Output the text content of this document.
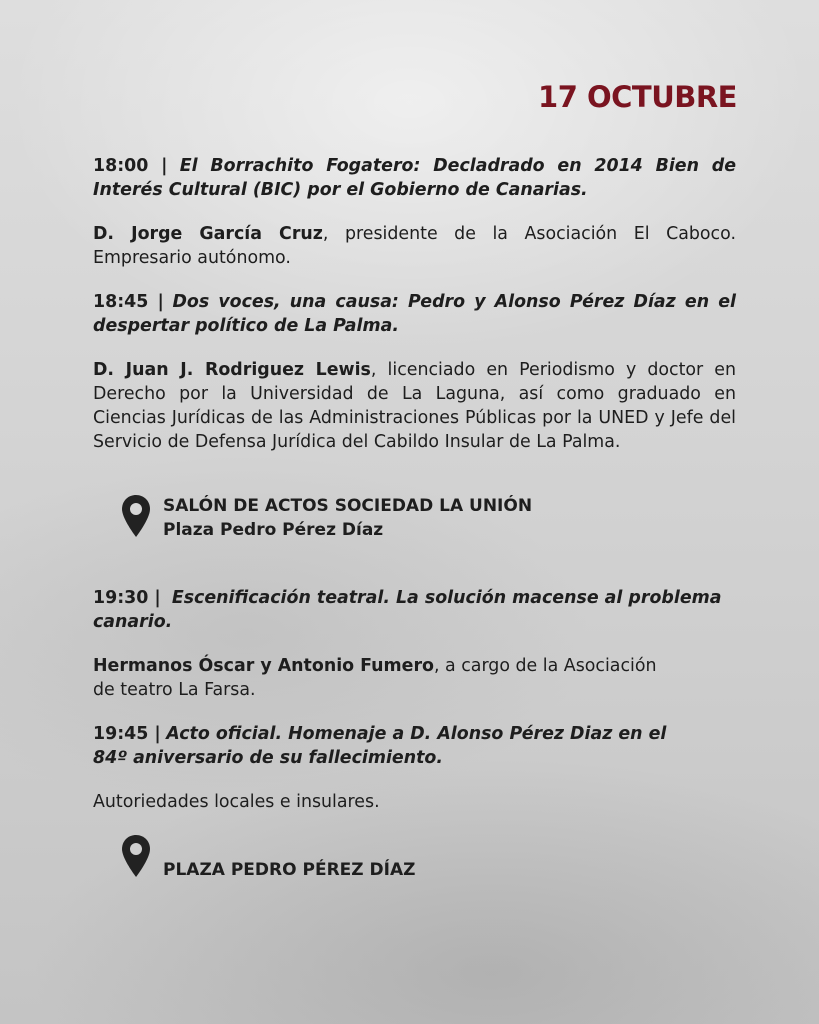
17 OCTUBRE

18:00 | El Borrachito Fogatero: Decladrado en 2014 Bien de Interés Cultural (BIC) por el Gobierno de Canarias.

D. Jorge García Cruz, presidente de la Asociación El Caboco. Empresario autónomo.

18:45 | Dos voces, una causa: Pedro y Alonso Pérez Díaz en el despertar político de La Palma.

D. Juan J. Rodriguez Lewis, licenciado en Periodismo y doctor en Derecho por la Universidad de La Laguna, así como graduado en Ciencias Jurídicas de las Administraciones Públicas por la UNED y Jefe del Servicio de Defensa Jurídica del Cabildo Insular de La Palma.

SALÓN DE ACTOS SOCIEDAD LA UNIÓN

Plaza Pedro Pérez Díaz

19:30 | Escenificación teatral. La solución macense al problema canario.

Hermanos Óscar y Antonio Fumero, a cargo de la Asociación
de teatro La Farsa.
19:45 | Acto oficial. Homenaje a D. Alonso Pérez Diaz en el
84º aniversario de su fallecimiento.

Autoriedades locales e insulares.

PLAZA PEDRO PÉREZ DÍAZ
